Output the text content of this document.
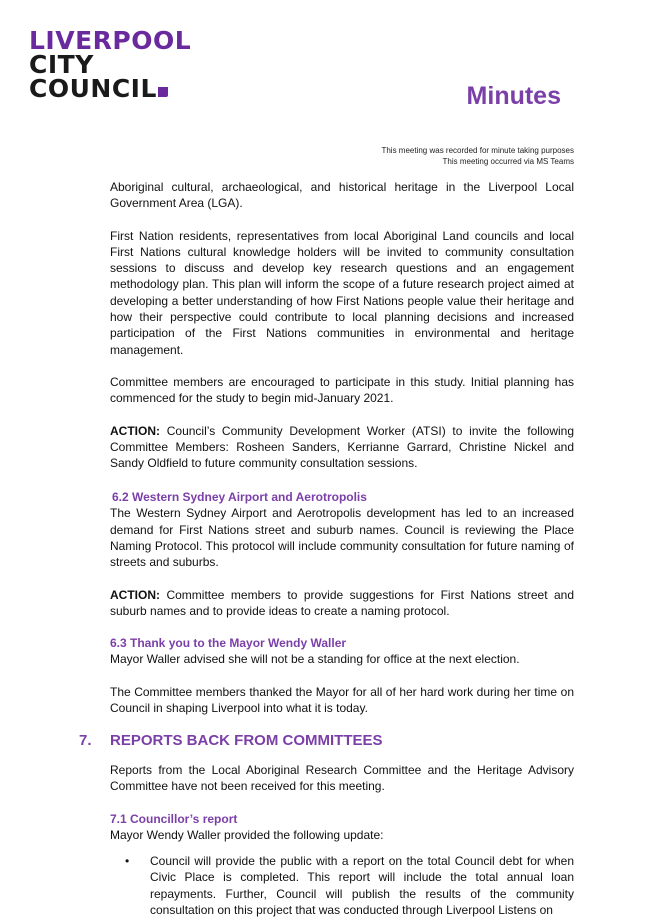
LIVERPOOL
CITY
COUNCIL	Minutes
This meeting was recorded for minute taking purposes
This meeting occurred via MS Teams

Aboriginal cultural, archaeological, and historical heritage in the Liverpool Local Government Area (LGA).

First Nation residents, representatives from local Aboriginal Land councils and local First Nations cultural knowledge holders will be invited to community consultation sessions to discuss and develop key research questions and an engagement methodology plan. This plan will inform the scope of a future research project aimed at developing a better understanding of how First Nations people value their heritage and how their perspective could contribute to local planning decisions and increased participation of the First Nations communities in environmental and heritage management.

Committee members are encouraged to participate in this study. Initial planning has commenced for the study to begin mid-January 2021.

ACTION: Council’s Community Development Worker (ATSI) to invite the following Committee Members: Rosheen Sanders, Kerrianne Garrard, Christine Nickel and Sandy Oldfield to future community consultation sessions.

6.2 Western Sydney Airport and Aerotropolis

The Western Sydney Airport and Aerotropolis development has led to an increased demand for First Nations street and suburb names. Council is reviewing the Place Naming Protocol. This protocol will include community consultation for future naming of streets and suburbs.

ACTION: Committee members to provide suggestions for First Nations street and suburb names and to provide ideas to create a naming protocol.

6.3 Thank you to the Mayor Wendy Waller

Mayor Waller advised she will not be a standing for office at the next election.

The Committee members thanked the Mayor for all of her hard work during her time on Council in shaping Liverpool into what it is today.

7. REPORTS BACK FROM COMMITTEES

Reports from the Local Aboriginal Research Committee and the Heritage Advisory Committee have not been received for this meeting.

7.1 Councillor’s report

Mayor Wendy Waller provided the following update:

• Council will provide the public with a report on the total Council debt for when Civic Place is completed. This report will include the total annual loan repayments. Further, Council will publish the results of the community consultation on this project that was conducted through Liverpool Listens on
